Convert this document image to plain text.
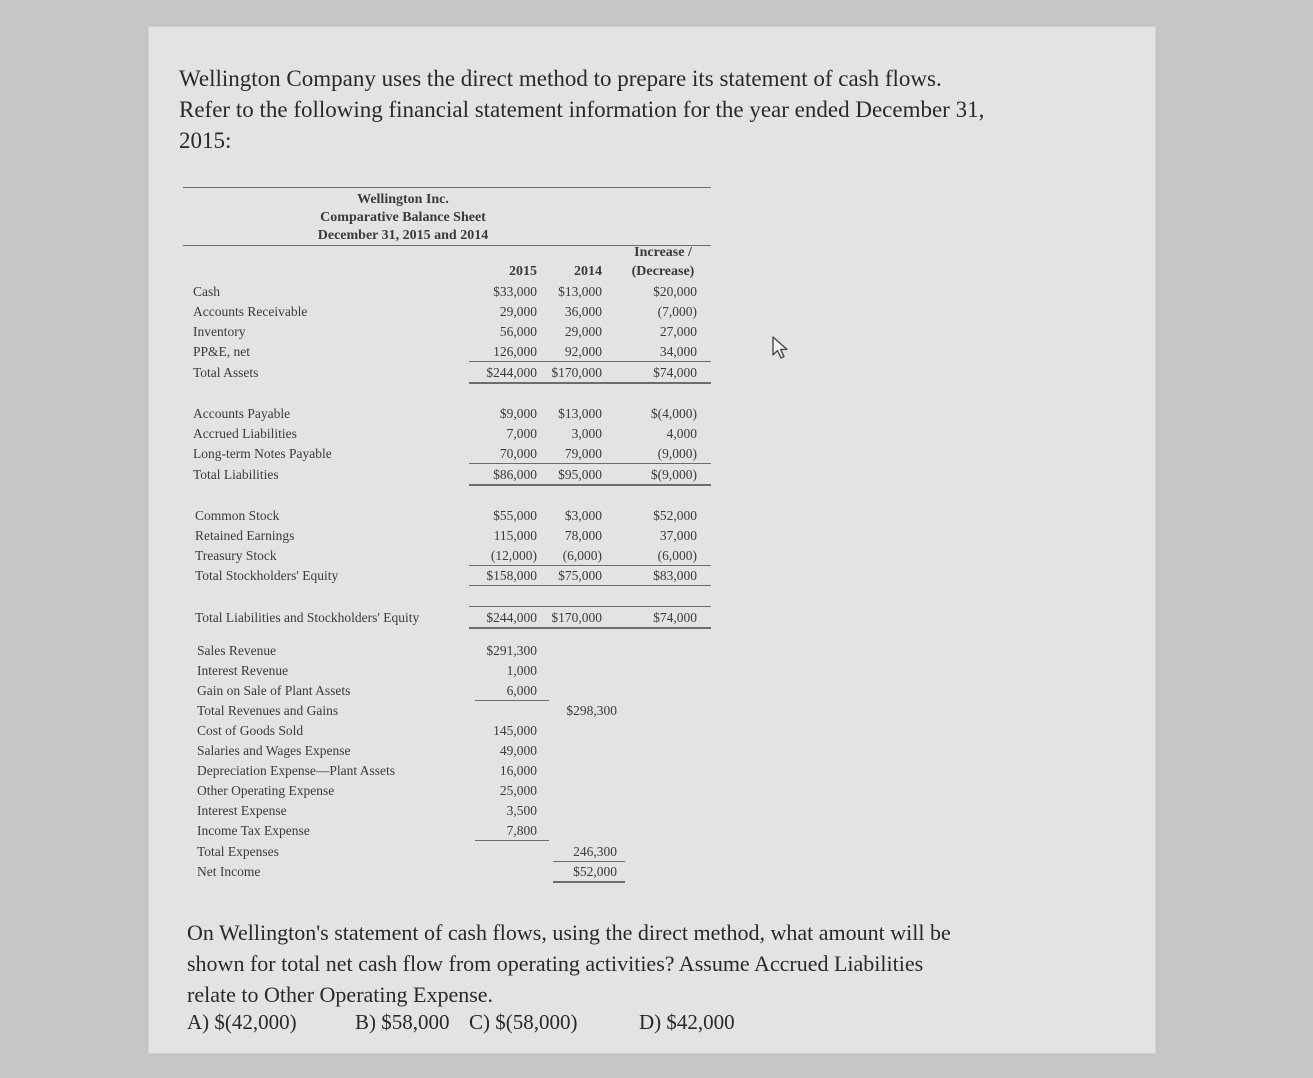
Wellington Company uses the direct method to prepare its statement of cash flows.
Refer to the following financial statement information for the year ended December 31,
2015:
Wellington Inc.
Comparative Balance Sheet
December 31, 2015 and 2014
2015	2014
Increase /
(Decrease)
Cash	$33,000	$13,000	$20,000
Accounts Receivable	29,000	36,000	(7,000)
Inventory	56,000	29,000	27,000
PP&E, net	126,000	92,000	34,000
Total Assets	$244,000	$170,000	$74,000
Accounts Payable	$9,000	$13,000	$(4,000)
Accrued Liabilities	7,000	3,000	4,000
Long-term Notes Payable	70,000	79,000	(9,000)
Total Liabilities	$86,000	$95,000	$(9,000)
Common Stock	$55,000	$3,000	$52,000
Retained Earnings	115,000	78,000	37,000
Treasury Stock	(12,000)	(6,000)	(6,000)
Total Stockholders' Equity	$158,000	$75,000	$83,000
Total Liabilities and Stockholders' Equity	$244,000	$170,000	$74,000
Sales Revenue	$291,300
Interest Revenue	1,000
Gain on Sale of Plant Assets	6,000
Total Revenues and Gains	$298,300
Cost of Goods Sold	145,000
Salaries and Wages Expense	49,000
Depreciation Expense—Plant Assets	16,000
Other Operating Expense	25,000
Interest Expense	3,500
Income Tax Expense	7,800
Total Expenses	246,300
Net Income	$52,000
On Wellington's statement of cash flows, using the direct method, what amount will be
shown for total net cash flow from operating activities? Assume Accrued Liabilities
relate to Other Operating Expense.
A) $(42,000)	B) $58,000 C) $(58,000)	D) $42,000
